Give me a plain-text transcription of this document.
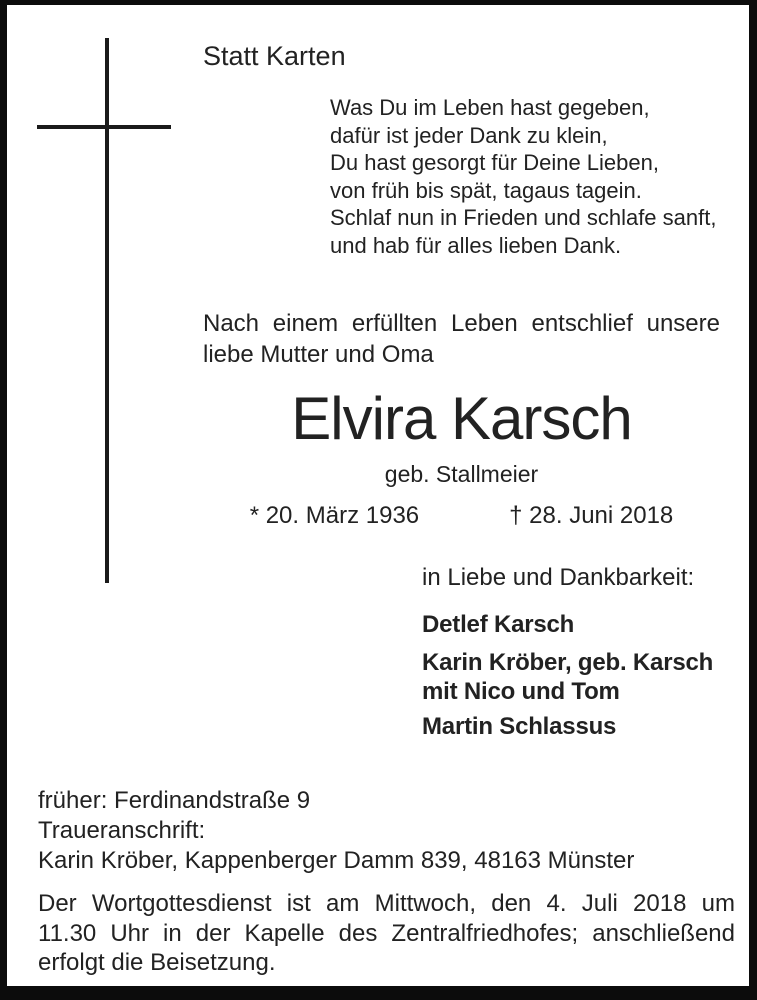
Statt Karten
Was Du im Leben hast gegeben,
dafür ist jeder Dank zu klein,
Du hast gesorgt für Deine Lieben,
von früh bis spät, tagaus tagein.
Schlaf nun in Frieden und schlafe sanft,
und hab für alles lieben Dank.
Nach einem erfüllten Leben entschlief unsere
liebe Mutter und Oma
Elvira Karsch
geb. Stallmeier
* 20. März 1936	† 28. Juni 2018
in Liebe und Dankbarkeit:
Detlef Karsch
Karin Kröber, geb. Karsch
mit Nico und Tom
Martin Schlassus
früher: Ferdinandstraße 9
Traueranschrift:
Karin Kröber, Kappenberger Damm 839, 48163 Münster
Der Wortgottesdienst ist am Mittwoch, den 4. Juli 2018 um
11.30 Uhr in der Kapelle des Zentralfriedhofes; anschließend
erfolgt die Beisetzung.
